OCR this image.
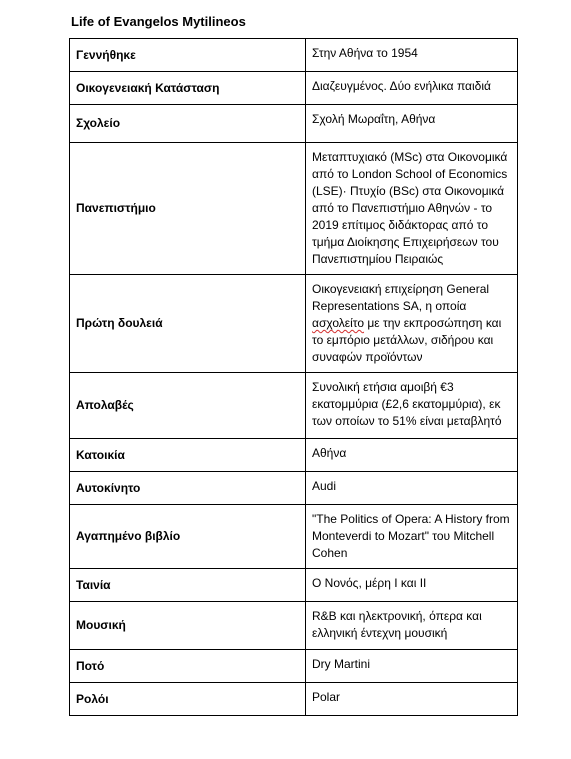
Life of Evangelos Mytilineos
Γεννήθηκε	Στην Αθήνα το 1954
Οικογενειακή Κατάσταση	Διαζευγμένος. Δύο ενήλικα παιδιά
Σχολείο	Σχολή Μωραΐτη, Αθήνα
Πανεπιστήμιο	Μεταπτυχιακό (MSc) στα Οικονομικά από το London School of Economics (LSE)· Πτυχίο (BSc) στα Οικονομικά από το Πανεπιστήμιο Αθηνών - το 2019 επίτιμος διδάκτορας από το τμήμα Διοίκησης Επιχειρήσεων του Πανεπιστημίου Πειραιώς
Πρώτη δουλειά	Οικογενειακή επιχείρηση General Representations SA, η οποία ασχολείτο με την εκπροσώπηση και το εμπόριο μετάλλων, σιδήρου και συναφών προϊόντων
Απολαβές	Συνολική ετήσια αμοιβή €3 εκατομμύρια (£2,6 εκατομμύρια), εκ των οποίων το 51% είναι μεταβλητό
Κατοικία	Αθήνα
Αυτοκίνητο	Audi
Αγαπημένο βιβλίο	"The Politics of Opera: A History from Monteverdi to Mozart" του Mitchell Cohen
Ταινία	Ο Νονός, μέρη I και II
Μουσική	R&B και ηλεκτρονική, όπερα και ελληνική έντεχνη μουσική
Ποτό	Dry Martini
Ρολόι	Polar
